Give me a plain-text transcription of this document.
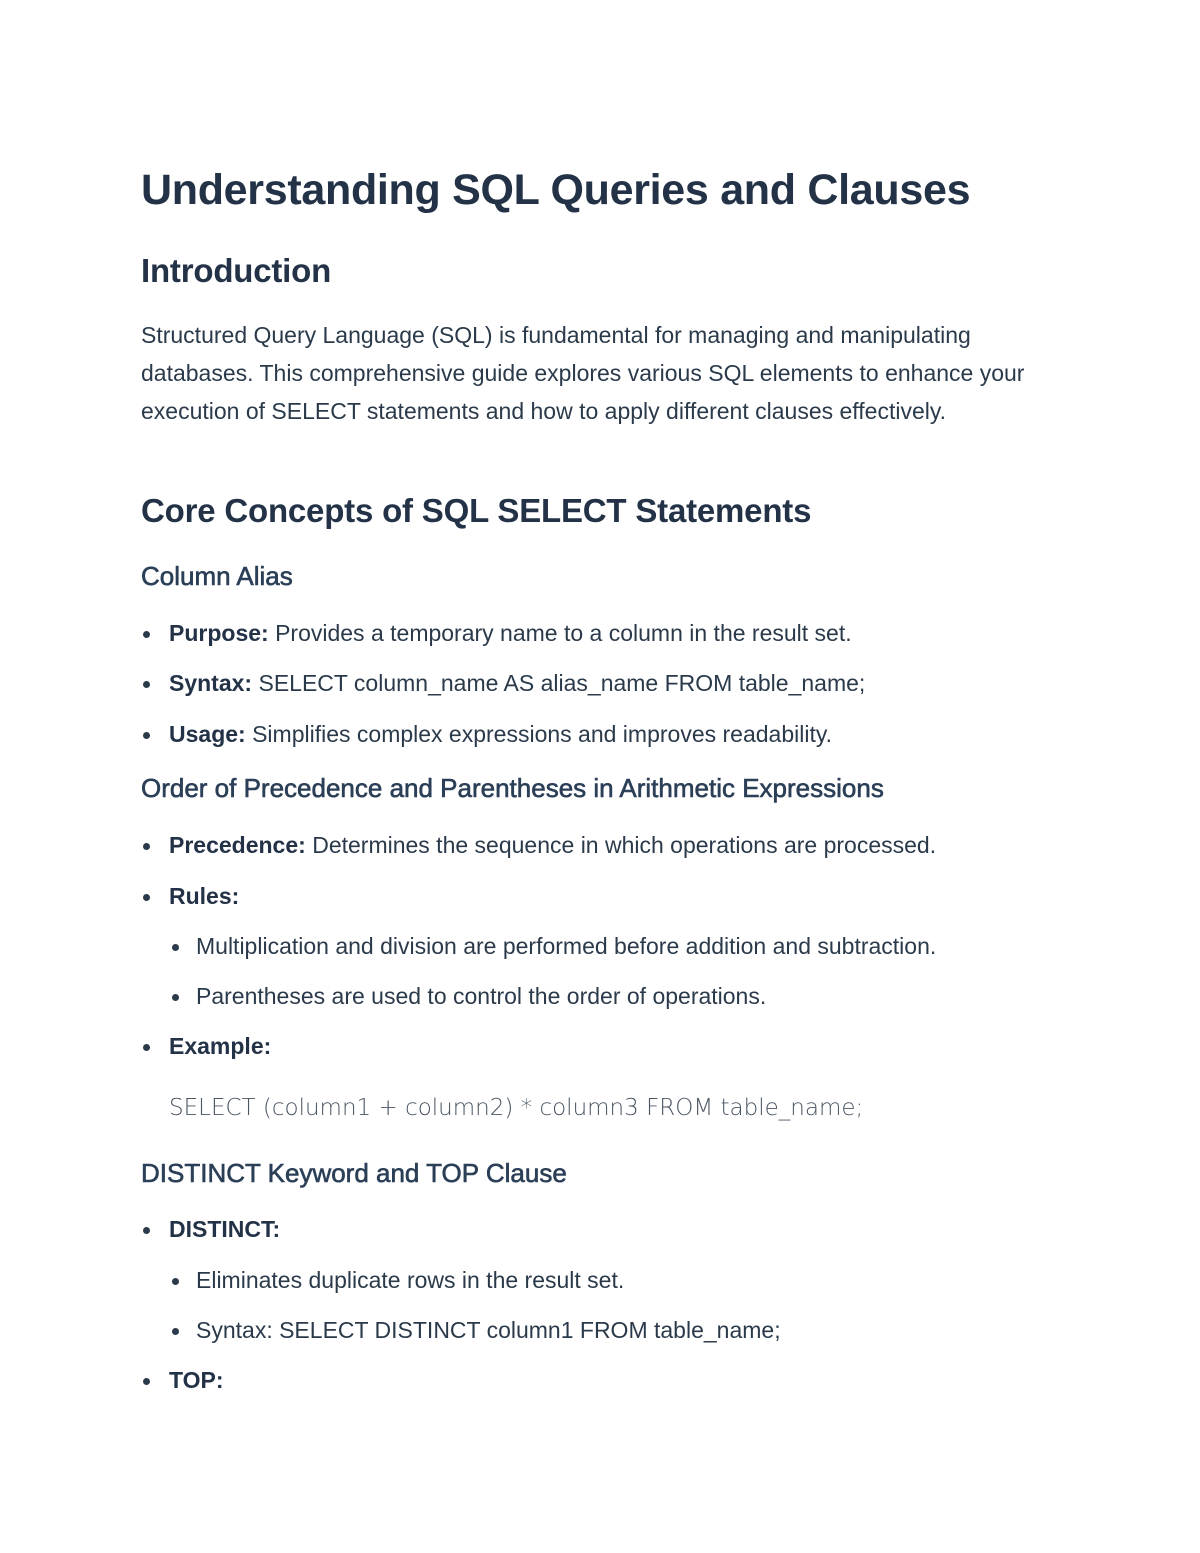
Understanding SQL Queries and Clauses
Introduction

Structured Query Language (SQL) is fundamental for managing and manipulating databases. This comprehensive guide explores various SQL elements to enhance your execution of SELECT statements and how to apply different clauses effectively.

Core Concepts of SQL SELECT Statements
Column Alias
Purpose: Provides a temporary name to a column in the result set.
Syntax: SELECT column_name AS alias_name FROM table_name;
Usage: Simplifies complex expressions and improves readability.
Order of Precedence and Parentheses in Arithmetic Expressions
Precedence: Determines the sequence in which operations are processed.
Rules:
Multiplication and division are performed before addition and subtraction.
Parentheses are used to control the order of operations.
Example:
SELECT (column1 + column2) * column3 FROM table_name;
DISTINCT Keyword and TOP Clause
DISTINCT:
Eliminates duplicate rows in the result set.
Syntax: SELECT DISTINCT column1 FROM table_name;
TOP:
